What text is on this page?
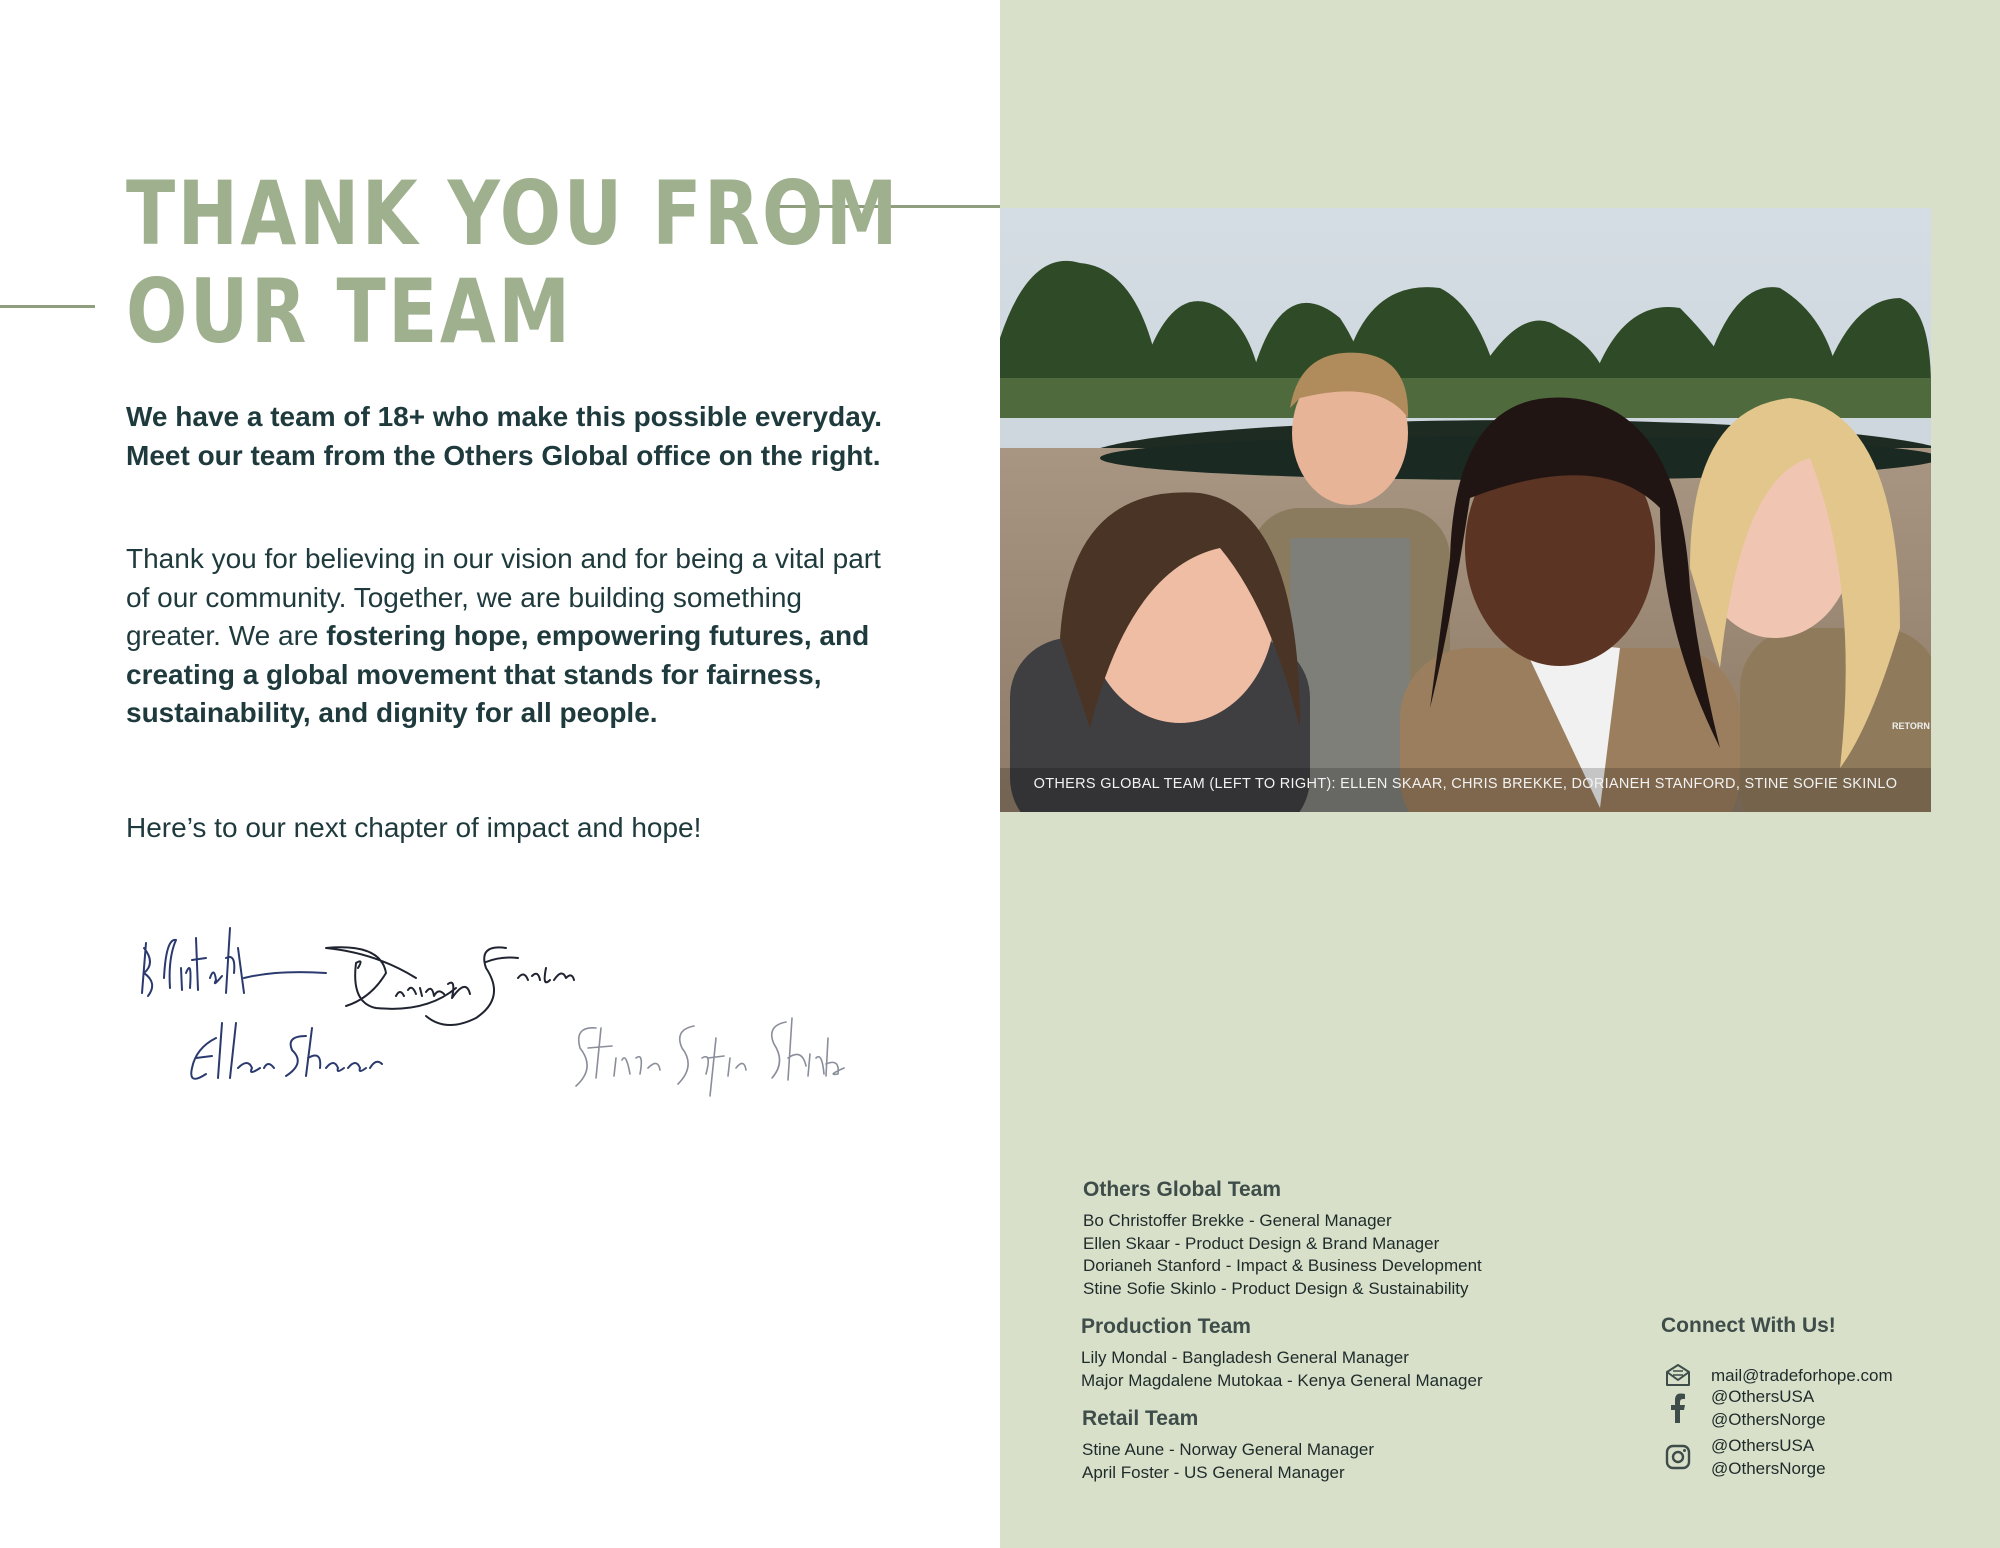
THANK YOU FROM
OUR TEAM

We have a team of 18+ who make this possible everyday. Meet our team from the Others Global office on the right.

Thank you for believing in our vision and for being a vital part of our community. Together, we are building something greater. We are fostering hope, empowering futures, and creating a global movement that stands for fairness, sustainability, and dignity for all people.

Here’s to our next chapter of impact and hope!

RETORN
OTHERS GLOBAL TEAM (LEFT TO RIGHT): ELLEN SKAAR, CHRIS BREKKE, DORIANEH STANFORD, STINE SOFIE SKINLO
Others Global Team
Bo Christoffer Brekke - General Manager
Ellen Skaar - Product Design & Brand Manager
Dorianeh Stanford - Impact & Business Development
Stine Sofie Skinlo - Product Design & Sustainability
Production Team
Lily Mondal - Bangladesh General Manager
Major Magdalene Mutokaa - Kenya General Manager
Retail Team
Stine Aune - Norway General Manager
April Foster - US General Manager
Connect With Us!
mail@tradeforhope.com
@OthersUSA
@OthersNorge
@OthersUSA
@OthersNorge
